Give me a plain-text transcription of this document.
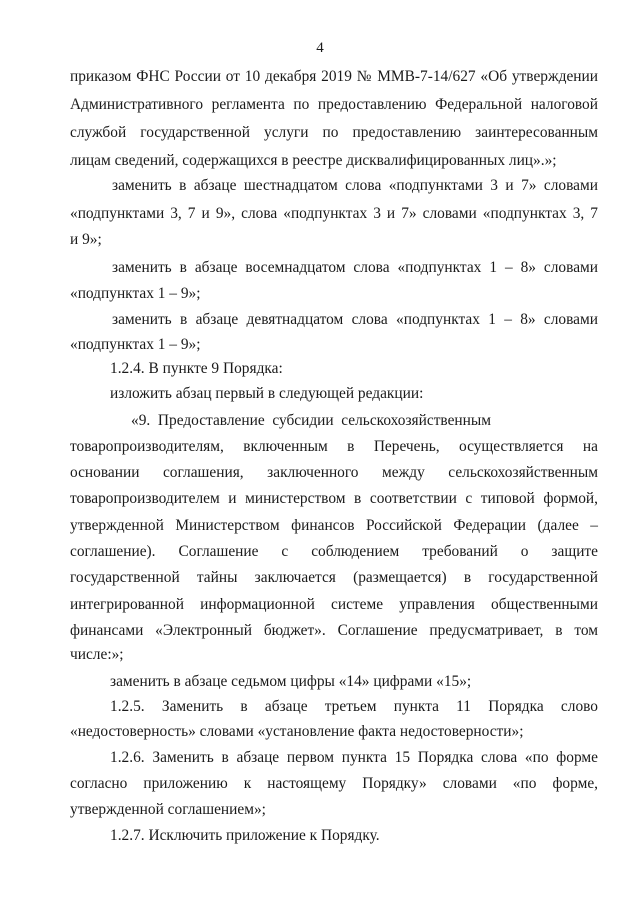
4
приказом ФНС России от 10 декабря 2019 № ММВ-7-14/627 «Об утверждении
Административного регламента по предоставлению Федеральной налоговой
службой государственной услуги по предоставлению заинтересованным
лицам сведений, содержащихся в реестре дисквалифицированных лиц».»;
заменить в абзаце шестнадцатом слова «подпунктами 3 и 7» словами
«подпунктами 3, 7 и 9», слова «подпунктах 3 и 7» словами «подпунктах 3, 7
и 9»;
заменить в абзаце восемнадцатом слова «подпунктах 1 – 8» словами
«подпунктах 1 – 9»;
заменить в абзаце девятнадцатом слова «подпунктах 1 – 8» словами
«подпунктах 1 – 9»;
1.2.4. В пункте 9 Порядка:
изложить абзац первый в следующей редакции:
«9. Предоставление субсидии сельскохозяйственным
товаропроизводителям, включенным в Перечень, осуществляется на
основании соглашения, заключенного между сельскохозяйственным
товаропроизводителем и министерством в соответствии с типовой формой,
утвержденной Министерством финансов Российской Федерации (далее –
соглашение). Соглашение с соблюдением требований о защите
государственной тайны заключается (размещается) в государственной
интегрированной информационной системе управления общественными
финансами «Электронный бюджет». Соглашение предусматривает, в том
числе:»;
заменить в абзаце седьмом цифры «14» цифрами «15»;
1.2.5. Заменить в абзаце третьем пункта 11 Порядка слово
«недостоверность» словами «установление факта недостоверности»;
1.2.6. Заменить в абзаце первом пункта 15 Порядка слова «по форме
согласно приложению к настоящему Порядку» словами «по форме,
утвержденной соглашением»;
1.2.7. Исключить приложение к Порядку.
